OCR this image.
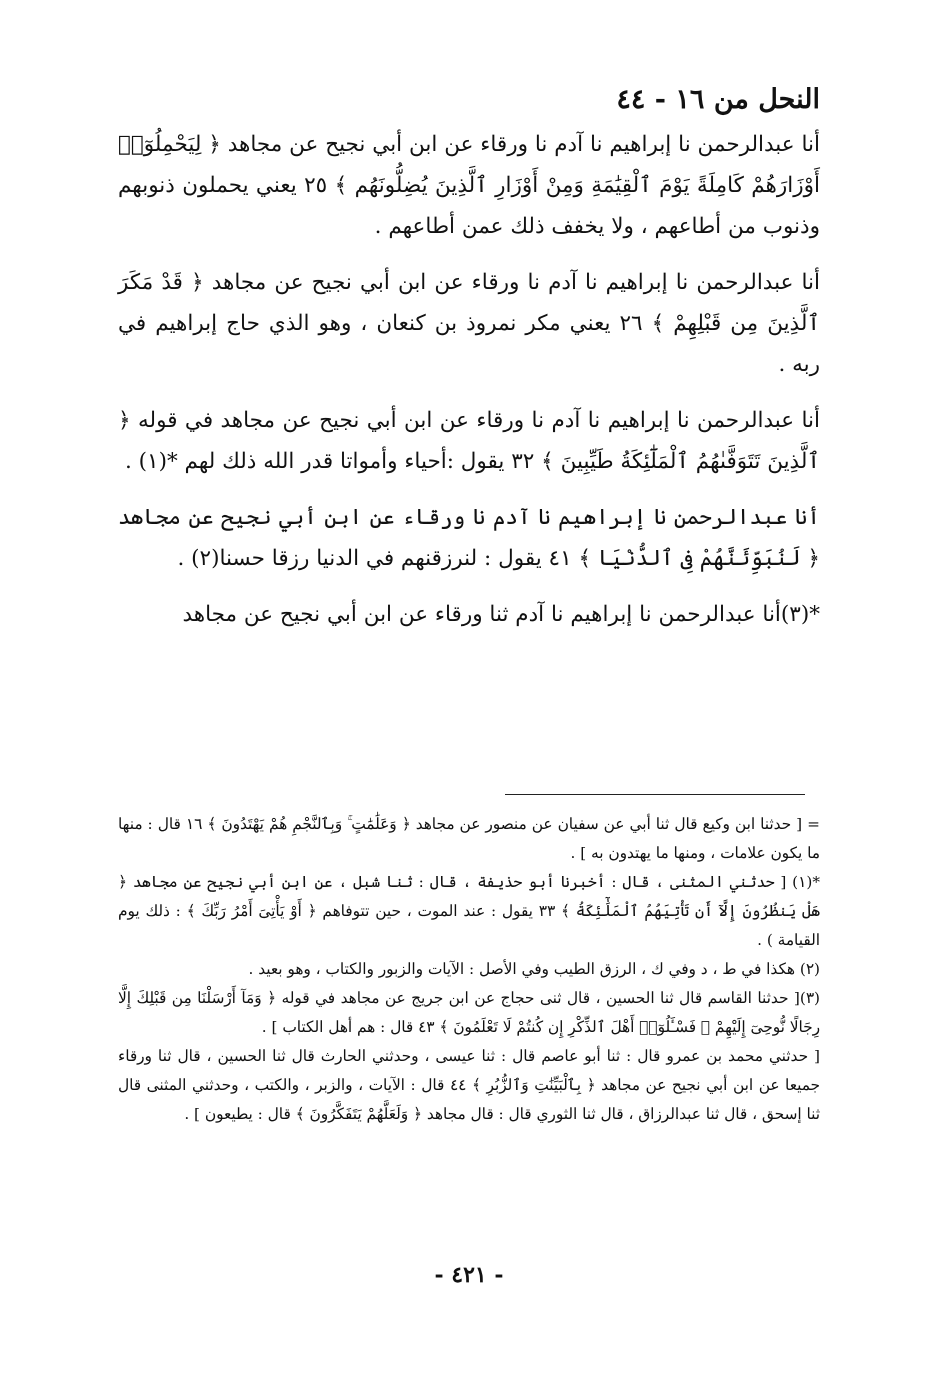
النحل من ١٦ - ٤٤

أنا عبدالرحمن نا إبراهيم نا آدم نا ورقاء عن ابن أبي نجيح عن مجاهد ﴿ لِيَحْمِلُوٓا۟ أَوْزَارَهُمْ كَامِلَةً يَوْمَ ٱلْقِيَٰمَةِ وَمِنْ أَوْزَارِ ٱلَّذِينَ يُضِلُّونَهُم ﴾ ٢٥ يعني يحملون ذنوبهم وذنوب من أطاعهم ، ولا يخفف ذلك عمن أطاعهم .

أنا عبدالرحمن نا إبراهيم نا آدم نا ورقاء عن ابن أبي نجيح عن مجاهد ﴿ قَدْ مَكَرَ ٱلَّذِينَ مِن قَبْلِهِمْ ﴾ ٢٦ يعني مكر نمروذ بن كنعان ، وهو الذي حاج إبراهيم في ربه .

أنا عبدالرحمن نا إبراهيم نا آدم نا ورقاء عن ابن أبي نجيح عن مجاهد في قوله ﴿ ٱلَّذِينَ تَتَوَفَّىٰهُمُ ٱلْمَلَٰٓئِكَةُ طَيِّبِينَ ﴾ ٣٢ يقول :أحياء وأمواتا قدر الله ذلك لهم *(١) .

أنا عبدالرحمن نا إبراهيم نا آدم نا ورقاء عن ابن أبي نجيح عن مجاهد ﴿ لَنُبَوِّئَنَّهُمْ فِى ٱلدُّنْيَا ﴾ ٤١ يقول : لنرزقنهم في الدنيا رزقا حسنا(٢) .

*(٣)أنا عبدالرحمن نا إبراهيم نا آدم ثنا ورقاء عن ابن أبي نجيح عن مجاهد

= [ حدثنا ابن وكيع قال ثنا أبي عن سفيان عن منصور عن مجاهد ﴿ وَعَلَٰمَٰتٍ ۚ وَبِٱلنَّجْمِ هُمْ يَهْتَدُونَ ﴾ ١٦ قال : منها ما يكون علامات ، ومنها ما يهتدون به ] .

*(١) [ حدثني المثنى ، قال : أخبرنا أبو حذيفة ، قال : ثنا شبل ، عن ابن أبي نجيح عن مجاهد ﴿ هَلْ يَنظُرُونَ إِلَّآ أَن تَأْتِيَهُمُ ٱلْمَلَٰٓئِكَةُ ﴾ ٣٣ يقول : عند الموت ، حين تتوفاهم ﴿ أَوْ يَأْتِىَ أَمْرُ رَبِّكَ ﴾ : ذلك يوم القيامة ) .

(٢) هكذا في ط ، د وفي ك ، الرزق الطيب وفي الأصل : الآيات والزبور والكتاب ، وهو بعيد .

(٣)[ حدثنا القاسم قال ثنا الحسين ، قال ثنى حجاج عن ابن جريج عن مجاهد في قوله ﴿ وَمَآ أَرْسَلْنَا مِن قَبْلِكَ إِلَّا رِجَالًا نُّوحِىٓ إِلَيْهِمْ ۚ فَسْـَٔلُوٓا۟ أَهْلَ ٱلذِّكْرِ إِن كُنتُمْ لَا تَعْلَمُونَ ﴾ ٤٣ قال : هم أهل الكتاب ] .

[ حدثني محمد بن عمرو قال : ثنا أبو عاصم قال : ثنا عيسى ، وحدثني الحارث قال ثنا الحسين ، قال ثنا ورقاء جميعا عن ابن أبي نجيح عن مجاهد ﴿ بِٱلْبَيِّنَٰتِ وَٱلزُّبُرِ ﴾ ٤٤ قال : الآيات ، والزبر ، والكتب ، وحدثني المثنى قال ثنا إسحق ، قال ثنا عبدالرزاق ، قال ثنا الثوري قال : قال مجاهد ﴿ وَلَعَلَّهُمْ يَتَفَكَّرُونَ ﴾ قال : يطيعون ] .

- ٤٢١ -
